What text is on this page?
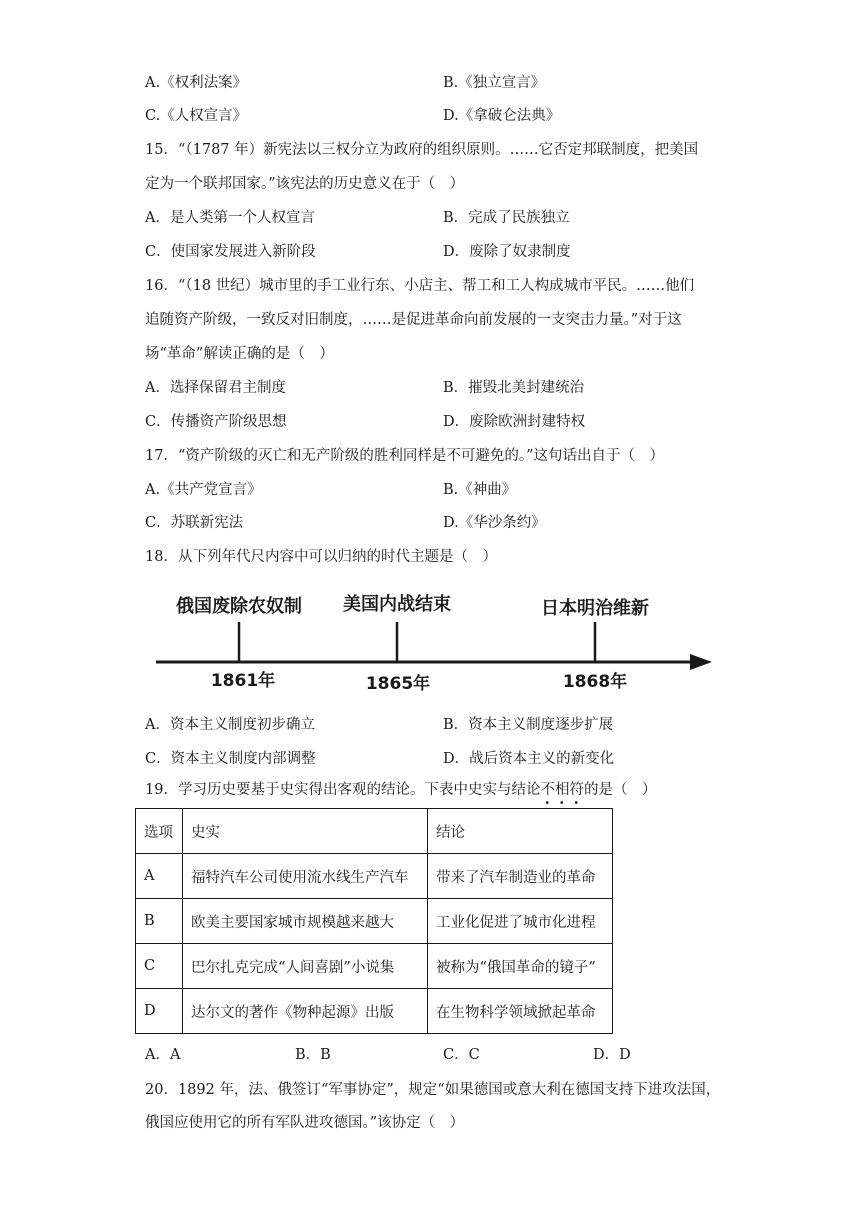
A.《权利法案》	B.《独立宣言》
C.《人权宣言》	D.《拿破仑法典》
15．“（1787 年）新宪法以三权分立为政府的组织原则。……它否定邦联制度，把美国
定为一个联邦国家。”该宪法的历史意义在于（　）
A．是人类第一个人权宣言	B．完成了民族独立
C．使国家发展进入新阶段	D．废除了奴隶制度
16．“（18 世纪）城市里的手工业行东、小店主、帮工和工人构成城市平民。……他们
追随资产阶级，一致反对旧制度，……是促进革命向前发展的一支突击力量。”对于这
场“革命”解读正确的是（　）
A．选择保留君主制度	B．摧毁北美封建统治
C．传播资产阶级思想	D．废除欧洲封建特权
17．“资产阶级的灭亡和无产阶级的胜利同样是不可避免的。”这句话出自于（　）
A.《共产党宣言》	B.《神曲》
C．苏联新宪法	D.《华沙条约》
18．从下列年代尺内容中可以归纳的时代主题是（　）
俄国废除农奴制 美国内战结束	日本明治维新
1861年	1865年	1868年
A．资本主义制度初步确立	B．资本主义制度逐步扩展
C．资本主义制度内部调整	D．战后资本主义的新变化
19．学习历史要基于史实得出客观的结论。下表中史实与结论不相符的是（　）
选项	史实	结论
A	福特汽车公司使用流水线生产汽车	带来了汽车制造业的革命
B	欧美主要国家城市规模越来越大	工业化促进了城市化进程
C	巴尔扎克完成“人间喜剧”小说集	被称为“俄国革命的镜子”
D	达尔文的著作《物种起源》出版	在生物科学领域掀起革命
A．A	B．B	C．C	D．D
20．1892 年，法、俄签订“军事协定”，规定“如果德国或意大利在德国支持下进攻法国，
俄国应使用它的所有军队进攻德国。”该协定（　）
